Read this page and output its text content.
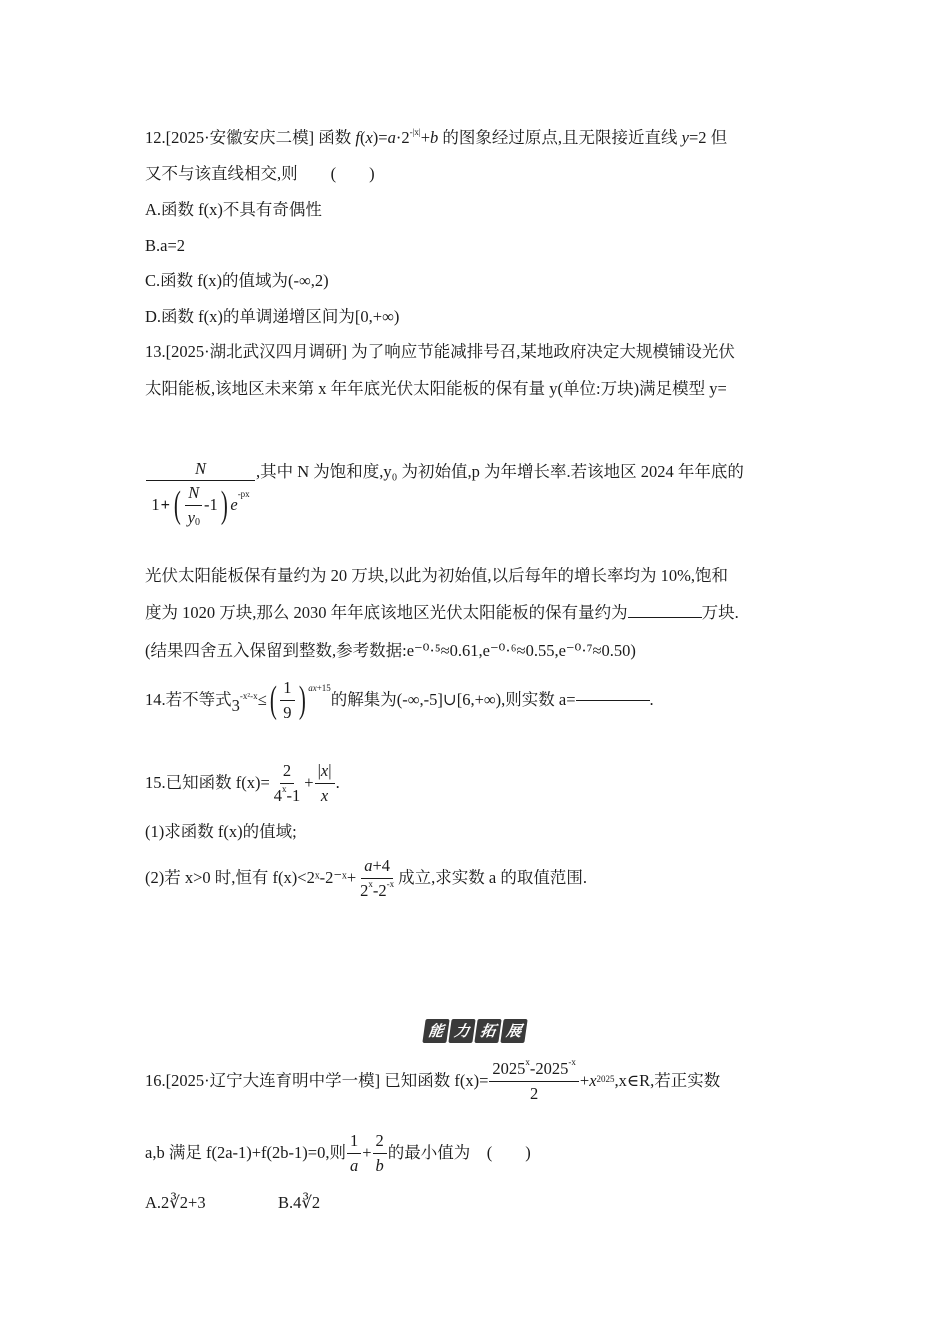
12.[2025·安徽安庆二模] 函数 $f(x)=a\cdot 2^{-|x|}+b$ 的图象经过原点,且无限接近直线 y=2 但
又不与该直线相交,则　　(　　)
A.函数 f(x)不具有奇偶性
B.a=2
C.函数 f(x)的值域为(-∞,2)
D.函数 f(x)的单调递增区间为[0,+∞)
13.[2025·湖北武汉四月调研] 为了响应节能减排号召,某地政府决定大规模铺设光伏
太阳能板,该地区未来第 x 年年底光伏太阳能板的保有量 y(单位:万块)满足模型 y=
N
1 + ( $\frac{N}{y0} -1$ ) e
$^{-px}$ ,其中 N 为饱和度,y₀ 为初始值,p 为年增长率.若该地区 2024 年年底的
光伏太阳能板保有量约为 20 万块,以此为初始值,以后每年的增长率均为 10%,饱和
度为 1020 万块,那么 2030 年年底该地区光伏太阳能板的保有量约为	万块.
(结果四舍五入保留到整数,参考数据:e⁻⁰·⁵≈0.61,e⁻⁰·⁶≈0.55,e⁻⁰·⁷≈0.50)
14.若不等式 $3^{-x^2-x}$ ≤ ( $\frac{1}{9}$ ) $^{ax+15}$
的解集为(-∞,-5]∪[6,+∞),则实数 a=	.
15.已知函数 $f(x)= \frac{2}{4^x-1} + \frac{|x|}{x}$ .
(1)求函数 f(x)的值域;
(2)若 x>0 时,恒有 f(x)<2ˣ-2⁻ˣ+ $\frac{a+4}{2^x-2^{-x}}$ 成立,求实数 a 的取值范围.
能 力 拓 展
16.[2025·辽宁大连育明中学一模] 已知函数 $f(x)= \frac{2025^x-2025^{-x}}{2} + x^{2025}$ ,x∈R,若正实数
a,b 满足 f(2a-1)+f(2b-1)=0,则 $\frac{1}{a} + \frac{2}{b}$ 的最小值为　(　　)
A.2∛2+3	B.4∛2
